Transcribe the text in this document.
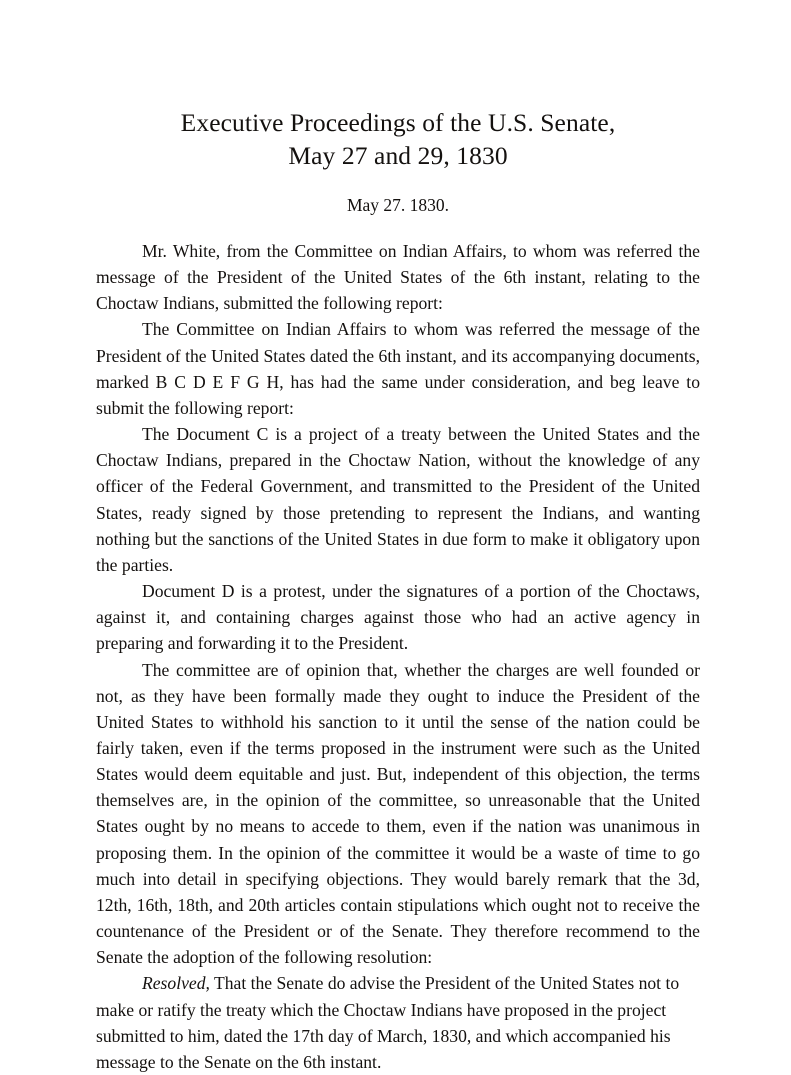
Executive Proceedings of the U.S. Senate,
May 27 and 29, 1830
May 27. 1830.

Mr. White, from the Committee on Indian Affairs, to whom was referred the message of the President of the United States of the 6th instant, relating to the Choctaw Indians, submitted the following report:

The Committee on Indian Affairs to whom was referred the message of the President of the United States dated the 6th instant, and its accompanying documents, marked B C D E F G H, has had the same under consideration, and beg leave to submit the following report:

The Document C is a project of a treaty between the United States and the Choctaw Indians, prepared in the Choctaw Nation, without the knowledge of any officer of the Federal Government, and transmitted to the President of the United States, ready signed by those pretending to represent the Indians, and wanting nothing but the sanctions of the United States in due form to make it obligatory upon the parties.

Document D is a protest, under the signatures of a portion of the Choctaws, against it, and containing charges against those who had an active agency in preparing and forwarding it to the President.

The committee are of opinion that, whether the charges are well founded or not, as they have been formally made they ought to induce the President of the United States to withhold his sanction to it until the sense of the nation could be fairly taken, even if the terms proposed in the instrument were such as the United States would deem equitable and just. But, independent of this objection, the terms themselves are, in the opinion of the committee, so unreasonable that the United States ought by no means to accede to them, even if the nation was unanimous in proposing them. In the opinion of the committee it would be a waste of time to go much into detail in specifying objections. They would barely remark that the 3d, 12th, 16th, 18th, and 20th articles contain stipulations which ought not to receive the countenance of the President or of the Senate. They therefore recommend to the Senate the adoption of the following resolution:

Resolved, That the Senate do advise the President of the United States not to make or ratify the treaty which the Choctaw Indians have proposed in the project submitted to him, dated the 17th day of March, 1830, and which accompanied his message to the Senate on the 6th instant.
